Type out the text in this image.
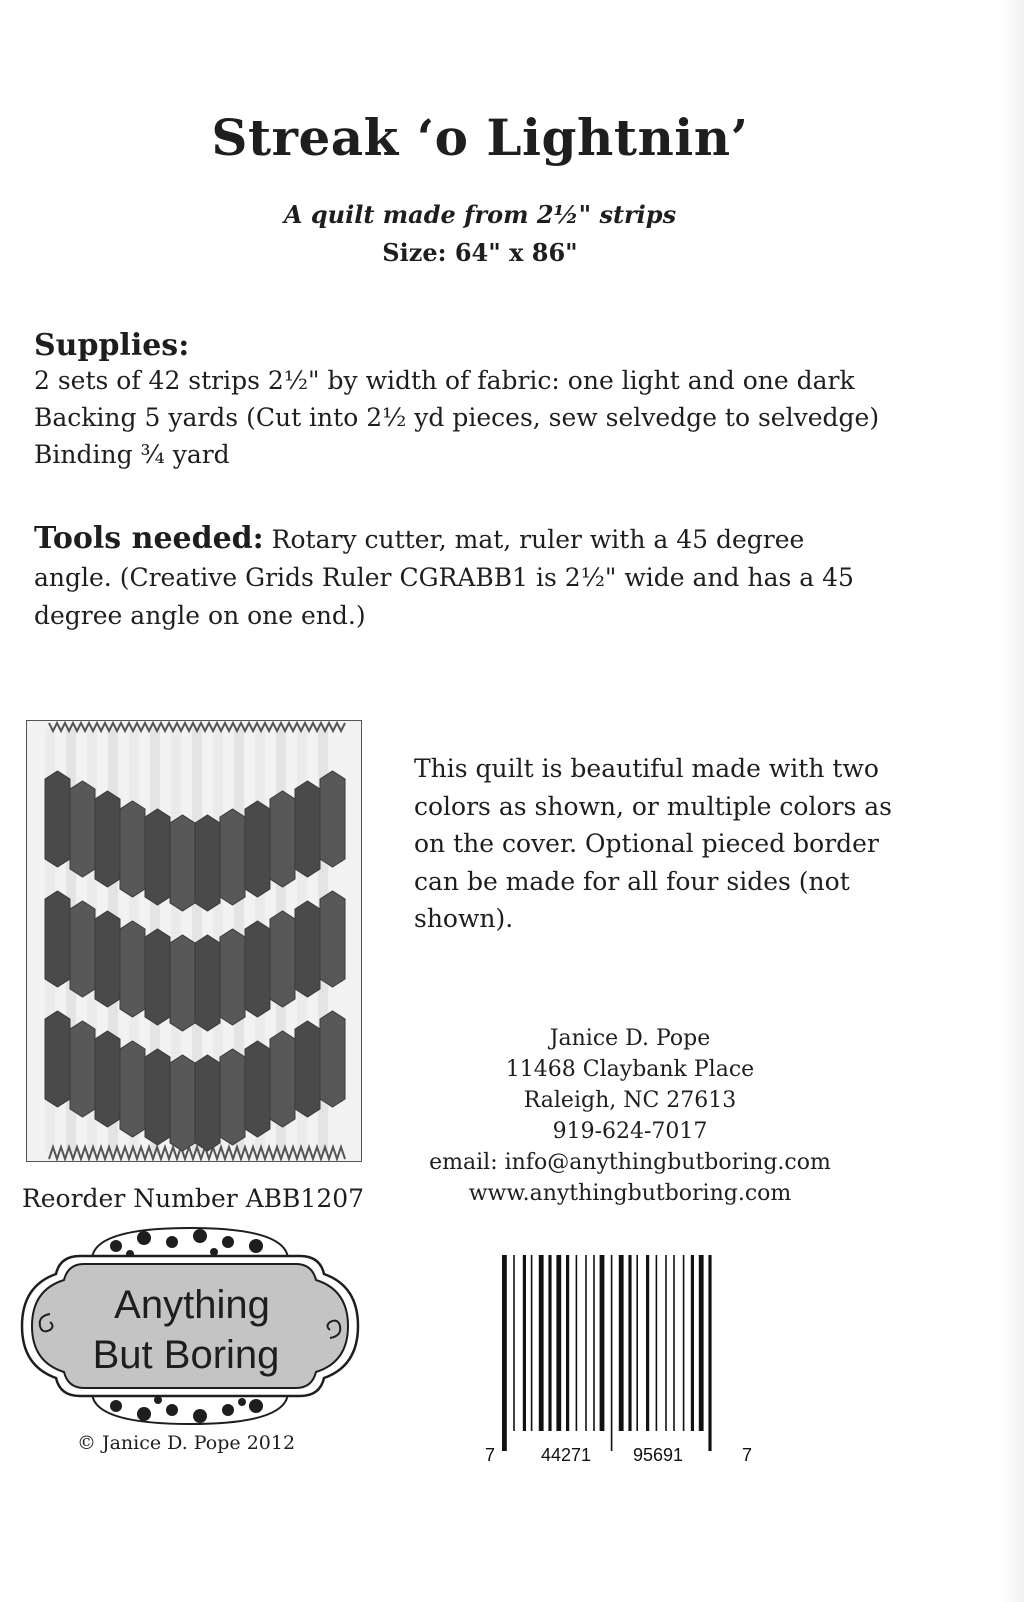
Streak ‘o Lightnin’
A quilt made from 2½" strips
Size: 64" x 86"
Supplies:
2 sets of 42 strips 2½" by width of fabric: one light and one dark
Backing 5 yards (Cut into 2½ yd pieces, sew selvedge to selvedge)
Binding ¾ yard
Tools needed: Rotary cutter, mat, ruler with a 45 degree angle. (Creative Grids Ruler CGRABB1 is 2½" wide and has a 45 degree angle on one end.)
This quilt is beautiful made with two colors as shown, or multiple colors as on the cover. Optional pieced border can be made for all four sides (not shown).
Janice D. Pope
11468 Claybank Place
Raleigh, NC 27613
919-624-7017
email: info@anythingbutboring.com
www.anythingbutboring.com
Reorder Number ABB1207
Anything
But Boring
© Janice D. Pope 2012
7	44271 95691	7
